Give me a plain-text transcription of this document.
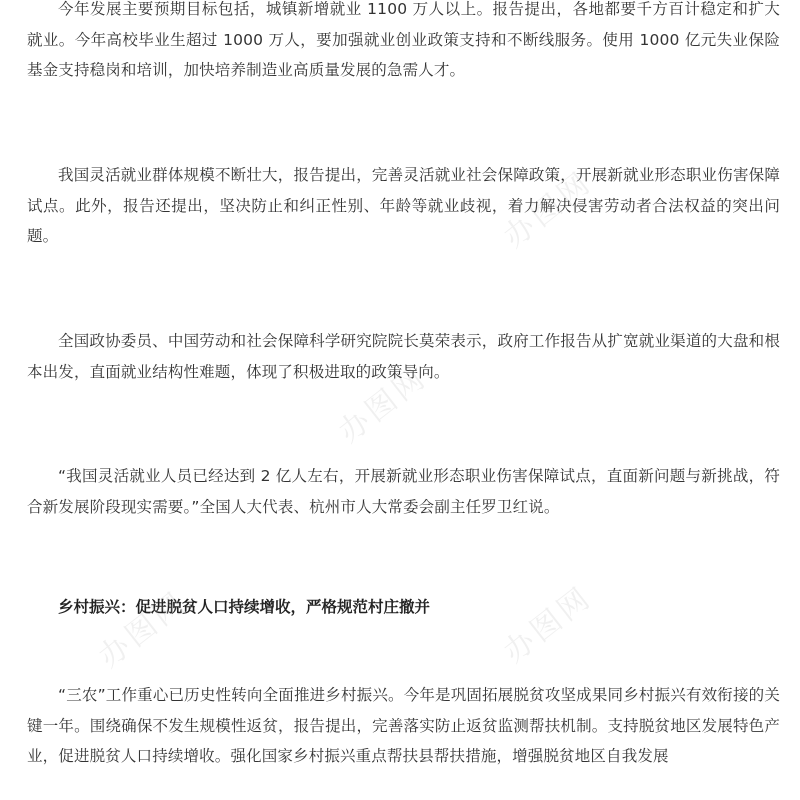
今年发展主要预期目标包括，城镇新增就业 1100 万人以上。报告提出，各地都要千方百计稳定和扩大就业。今年高校毕业生超过 1000 万人，要加强就业创业政策支持和不断线服务。使用 1000 亿元失业保险基金支持稳岗和培训，加快培养制造业高质量发展的急需人才。

我国灵活就业群体规模不断壮大，报告提出，完善灵活就业社会保障政策，开展新就业形态职业伤害保障试点。此外，报告还提出，坚决防止和纠正性别、年龄等就业歧视，着力解决侵害劳动者合法权益的突出问题。

全国政协委员、中国劳动和社会保障科学研究院院长莫荣表示，政府工作报告从扩宽就业渠道的大盘和根本出发，直面就业结构性难题，体现了积极进取的政策导向。

“我国灵活就业人员已经达到 2 亿人左右，开展新就业形态职业伤害保障试点，直面新问题与新挑战，符合新发展阶段现实需要。”全国人大代表、杭州市人大常委会副主任罗卫红说。

乡村振兴：促进脱贫人口持续增收，严格规范村庄撤并

“三农”工作重心已历史性转向全面推进乡村振兴。今年是巩固拓展脱贫攻坚成果同乡村振兴有效衔接的关键一年。围绕确保不发生规模性返贫，报告提出，完善落实防止返贫监测帮扶机制。支持脱贫地区发展特色产业，促进脱贫人口持续增收。强化国家乡村振兴重点帮扶县帮扶措施，增强脱贫地区自我发展

办图网
办图网
办图网
办图网
